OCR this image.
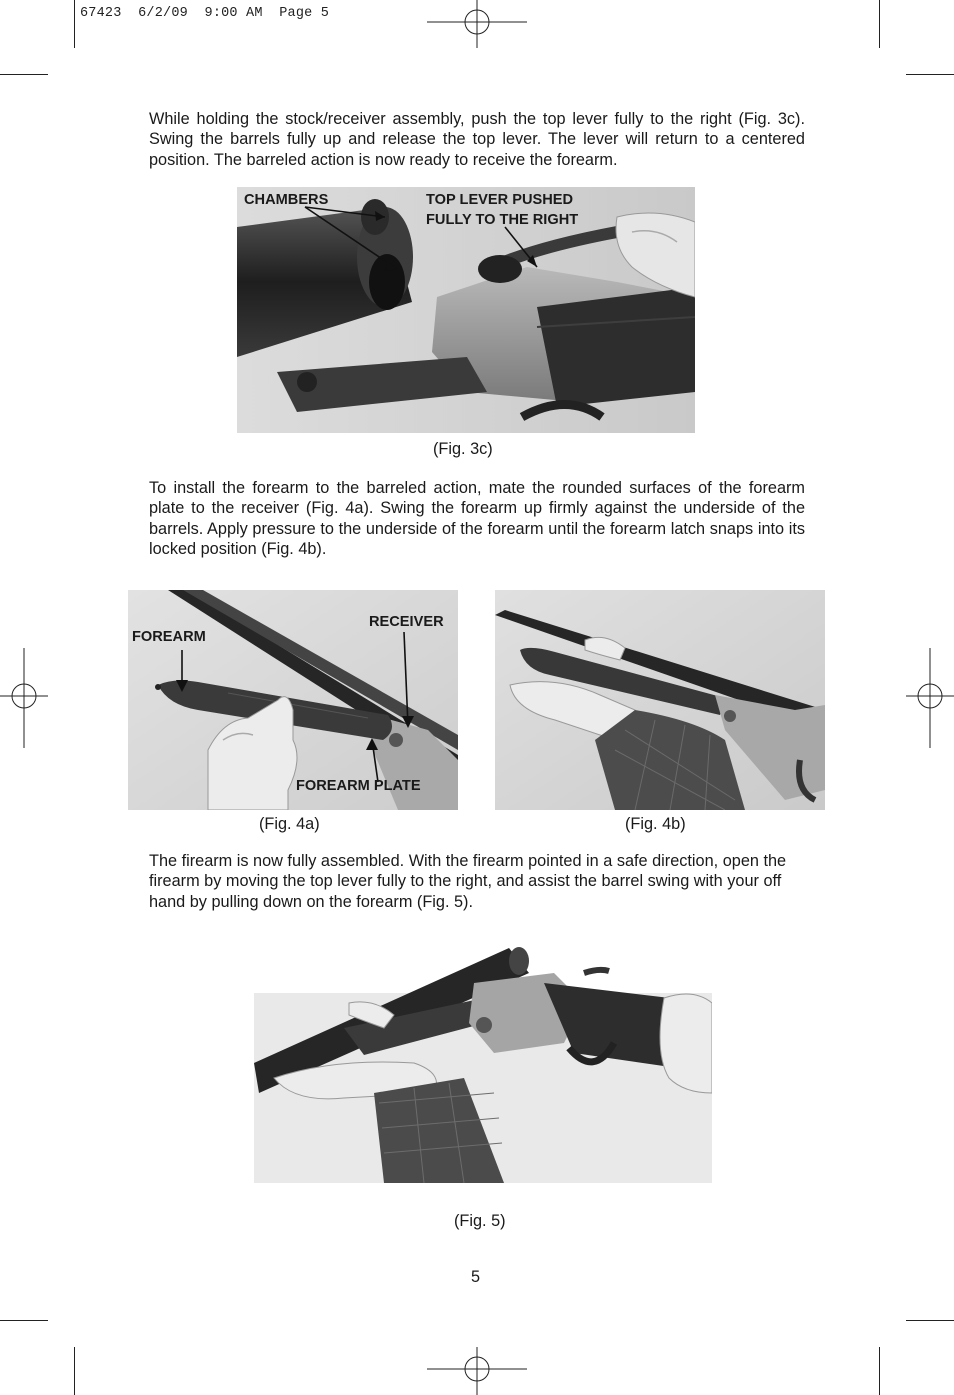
67423  6/2/09  9:00 AM  Page 5

While holding the stock/receiver assembly, push the top lever fully to the right (Fig. 3c). Swing the barrels fully up and release the top lever. The lever will return to a centered position. The barreled action is now ready to receive the forearm.

CHAMBERS	TOP LEVER PUSHED
FULLY TO THE RIGHT
(Fig. 3c)

To install the forearm to the barreled action, mate the rounded surfaces of the forearm plate to the receiver (Fig. 4a). Swing the forearm up firmly against the underside of the barrels. Apply pressure to the underside of the forearm until the forearm latch snaps into its locked position (Fig. 4b).

FOREARM
RECEIVER
FOREARM PLATE
(Fig. 4a)	(Fig. 4b)

The firearm is now fully assembled. With the firearm pointed in a safe direction, open the firearm by moving the top lever fully to the right, and assist the barrel swing with your off hand by pulling down on the forearm (Fig. 5).

(Fig. 5)
5
